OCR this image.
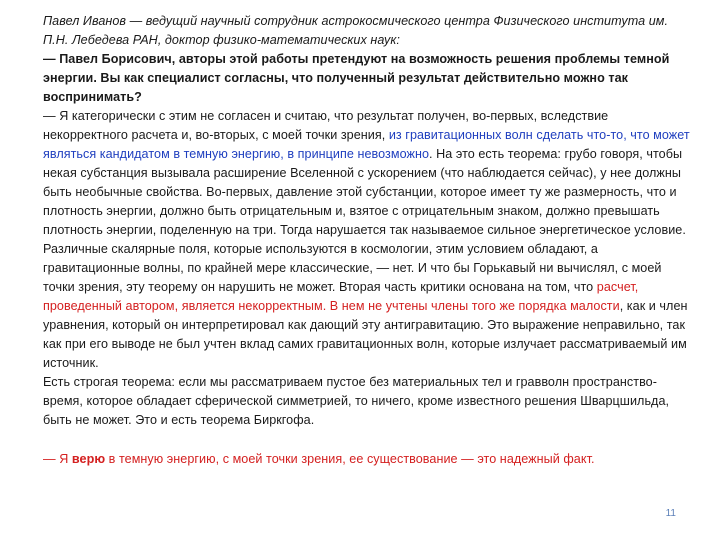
Павел Иванов — ведущий научный сотрудник астрокосмического центра Физического института им. П.Н. Лебедева РАН, доктор физико-математических наук:

— Павел Борисович, авторы этой работы претендуют на возможность решения проблемы темной энергии. Вы как специалист согласны, что полученный результат действительно можно так воспринимать?

— Я категорически с этим не согласен и считаю, что результат получен, во-первых, вследствие некорректного расчета и, во-вторых, с моей точки зрения, из гравитационных волн сделать что-то, что может являться кандидатом в темную энергию, в принципе невозможно. На это есть теорема: грубо говоря, чтобы некая субстанция вызывала расширение Вселенной с ускорением (что наблюдается сейчас), у нее должны быть необычные свойства. Во-первых, давление этой субстанции, которое имеет ту же размерность, что и плотность энергии, должно быть отрицательным и, взятое с отрицательным знаком, должно превышать плотность энергии, поделенную на три. Тогда нарушается так называемое сильное энергетическое условие. Различные скалярные поля, которые используются в космологии, этим условием обладают, а гравитационные волны, по крайней мере классические, — нет. И что бы Горькавый ни вычислял, с моей точки зрения, эту теорему он нарушить не может. Вторая часть критики основана на том, что расчет, проведенный автором, является некорректным. В нем не учтены члены того же порядка малости, как и член уравнения, который он интерпретировал как дающий эту антигравитацию. Это выражение неправильно, так как при его выводе не был учтен вклад самих гравитационных волн, которые излучает рассматриваемый им источник.

Есть строгая теорема: если мы рассматриваем пустое без материальных тел и гравволн пространство-время, которое обладает сферической симметрией, то ничего, кроме известного решения Шварцшильда, быть не может. Это и есть теорема Биркгофа.

— Я верю в темную энергию, с моей точки зрения, ее существование — это надежный факт.

11
